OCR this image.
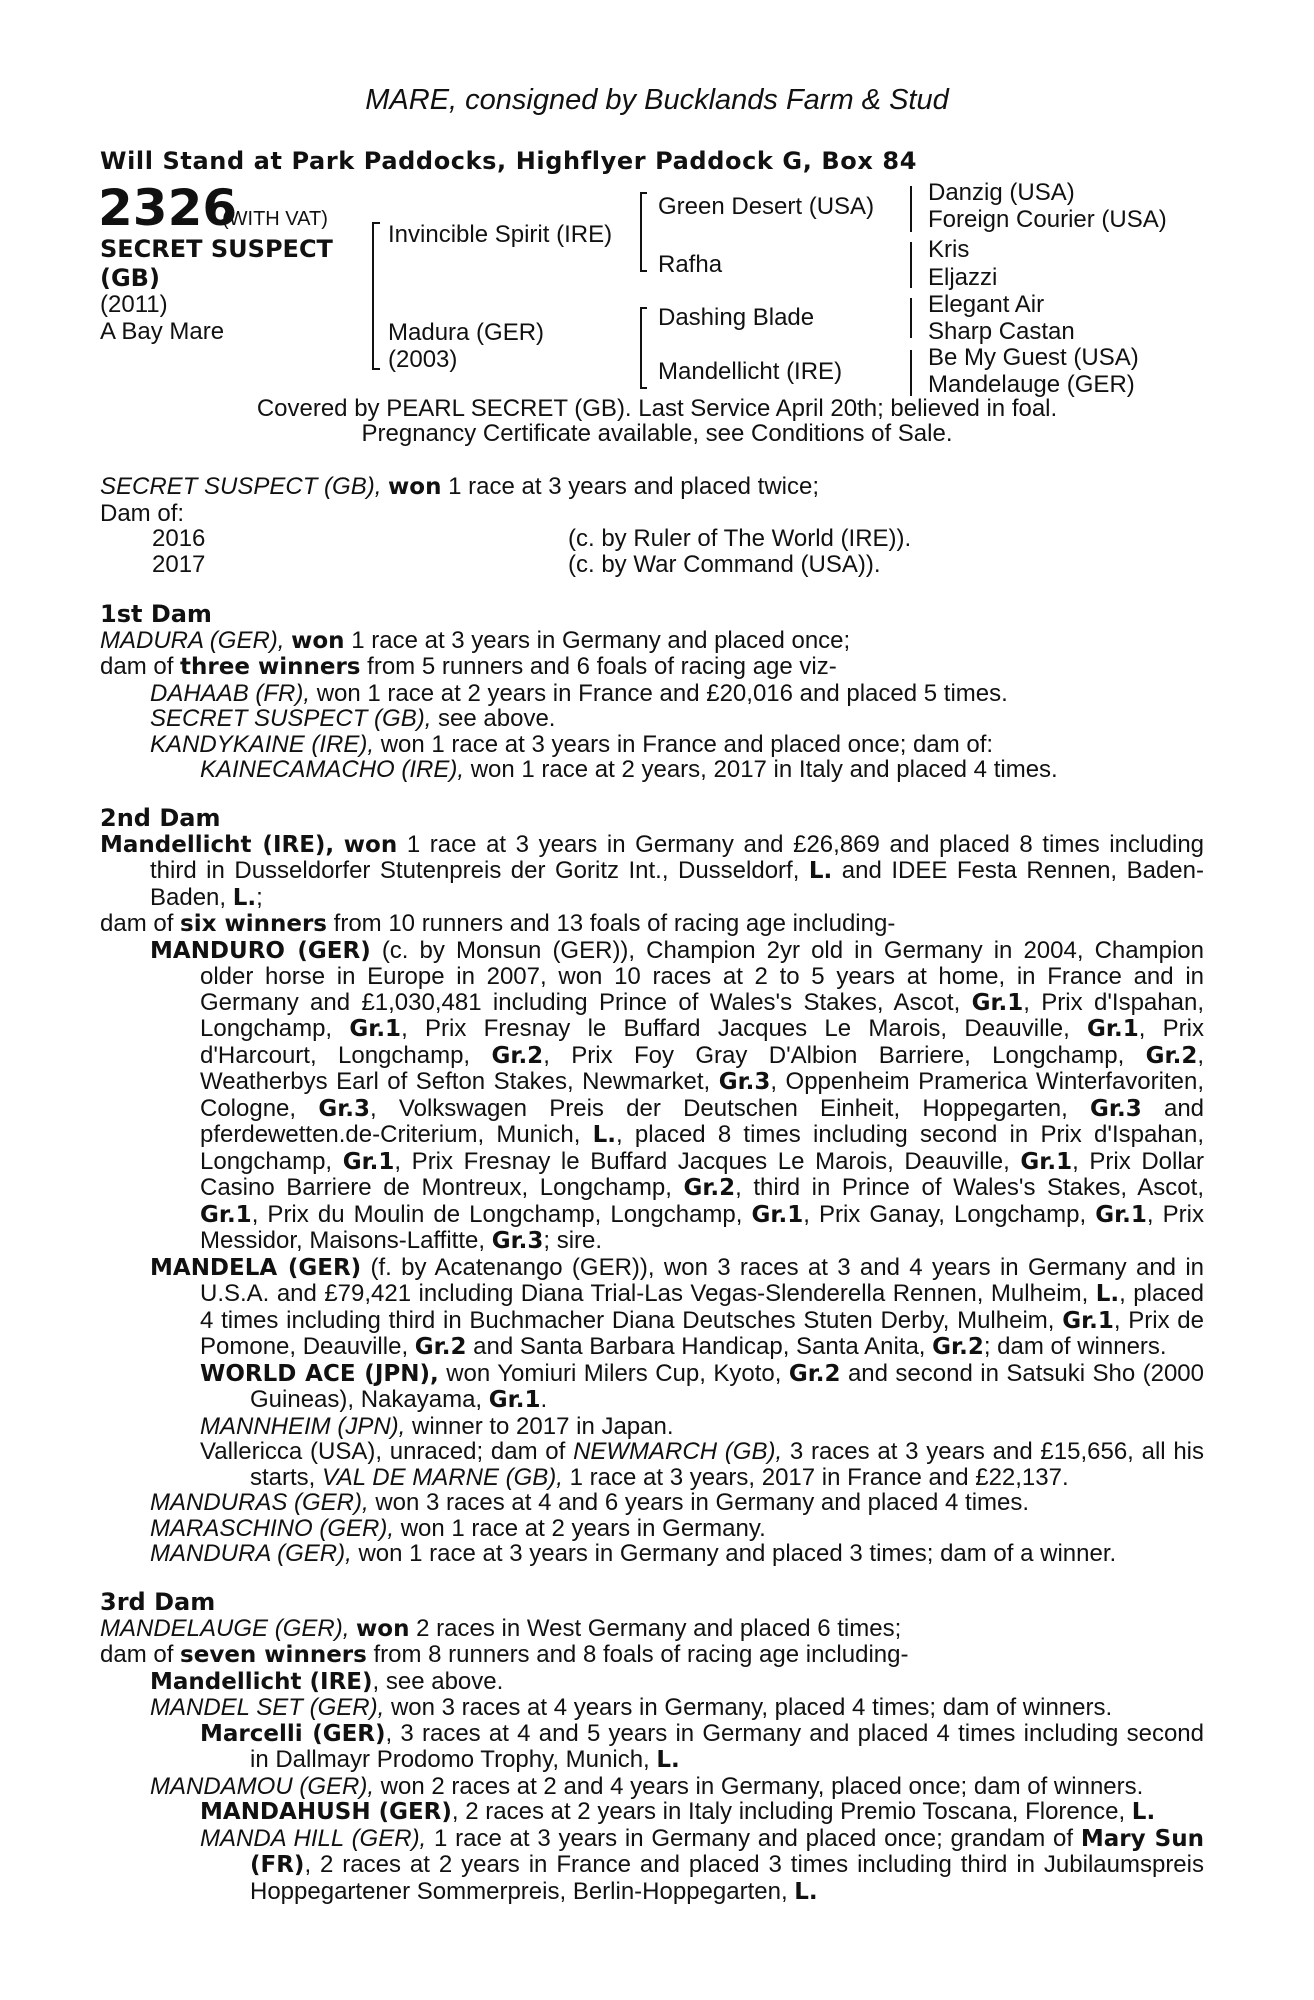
MARE, consigned by Bucklands Farm & Stud
Will Stand at Park Paddocks, Highflyer Paddock G, Box 84
2326
(WITH VAT)
SECRET SUSPECT
(GB)
(2011)
A Bay Mare
Invincible Spirit (IRE)
Madura (GER)
(2003)
Green Desert (USA)
Rafha
Dashing Blade
Mandellicht (IRE)
Danzig (USA)
Foreign Courier (USA)
Kris
Eljazzi
Elegant Air
Sharp Castan
Be My Guest (USA)
Mandelauge (GER)
Covered by PEARL SECRET (GB). Last Service April 20th; believed in foal.
Pregnancy Certificate available, see Conditions of Sale.

SECRET SUSPECT (GB), won 1 race at 3 years and placed twice;

Dam of:

2016	(c. by Ruler of The World (IRE)).
2017	(c. by War Command (USA)).

1st Dam

MADURA (GER), won 1 race at 3 years in Germany and placed once;

dam of three winners from 5 runners and 6 foals of racing age viz-

DAHAAB (FR), won 1 race at 2 years in France and £20,016 and placed 5 times.

SECRET SUSPECT (GB), see above.

KANDYKAINE (IRE), won 1 race at 3 years in France and placed once; dam of:

KAINECAMACHO (IRE), won 1 race at 2 years, 2017 in Italy and placed 4 times.

2nd Dam

Mandellicht (IRE), won 1 race at 3 years in Germany and £26,869 and placed 8 times including third in Dusseldorfer Stutenpreis der Goritz Int., Dusseldorf, L. and IDEE Festa Rennen, Baden-Baden, L.;

dam of six winners from 10 runners and 13 foals of racing age including-

MANDURO (GER) (c. by Monsun (GER)), Champion 2yr old in Germany in 2004, Champion older horse in Europe in 2007, won 10 races at 2 to 5 years at home, in France and in Germany and £1,030,481 including Prince of Wales's Stakes, Ascot, Gr.1, Prix d'Ispahan, Longchamp, Gr.1, Prix Fresnay le Buffard Jacques Le Marois, Deauville, Gr.1, Prix d'Harcourt, Longchamp, Gr.2, Prix Foy Gray D'Albion Barriere, Longchamp, Gr.2, Weatherbys Earl of Sefton Stakes, Newmarket, Gr.3, Oppenheim Pramerica Winterfavoriten, Cologne, Gr.3, Volkswagen Preis der Deutschen Einheit, Hoppegarten, Gr.3 and pferdewetten.de-Criterium, Munich, L., placed 8 times including second in Prix d'Ispahan, Longchamp, Gr.1, Prix Fresnay le Buffard Jacques Le Marois, Deauville, Gr.1, Prix Dollar Casino Barriere de Montreux, Longchamp, Gr.2, third in Prince of Wales's Stakes, Ascot, Gr.1, Prix du Moulin de Longchamp, Longchamp, Gr.1, Prix Ganay, Longchamp, Gr.1, Prix Messidor, Maisons-Laffitte, Gr.3; sire.

MANDELA (GER) (f. by Acatenango (GER)), won 3 races at 3 and 4 years in Germany and in U.S.A. and £79,421 including Diana Trial-Las Vegas-Slenderella Rennen, Mulheim, L., placed 4 times including third in Buchmacher Diana Deutsches Stuten Derby, Mulheim, Gr.1, Prix de Pomone, Deauville, Gr.2 and Santa Barbara Handicap, Santa Anita, Gr.2; dam of winners.

WORLD ACE (JPN), won Yomiuri Milers Cup, Kyoto, Gr.2 and second in Satsuki Sho (2000 Guineas), Nakayama, Gr.1.

MANNHEIM (JPN), winner to 2017 in Japan.

Vallericca (USA), unraced; dam of NEWMARCH (GB), 3 races at 3 years and £15,656, all his starts, VAL DE MARNE (GB), 1 race at 3 years, 2017 in France and £22,137.

MANDURAS (GER), won 3 races at 4 and 6 years in Germany and placed 4 times.

MARASCHINO (GER), won 1 race at 2 years in Germany.

MANDURA (GER), won 1 race at 3 years in Germany and placed 3 times; dam of a winner.

3rd Dam

MANDELAUGE (GER), won 2 races in West Germany and placed 6 times;

dam of seven winners from 8 runners and 8 foals of racing age including-

Mandellicht (IRE), see above.

MANDEL SET (GER), won 3 races at 4 years in Germany, placed 4 times; dam of winners.

Marcelli (GER), 3 races at 4 and 5 years in Germany and placed 4 times including second in Dallmayr Prodomo Trophy, Munich, L.

MANDAMOU (GER), won 2 races at 2 and 4 years in Germany, placed once; dam of winners.

MANDAHUSH (GER), 2 races at 2 years in Italy including Premio Toscana, Florence, L.

MANDA HILL (GER), 1 race at 3 years in Germany and placed once; grandam of Mary Sun (FR), 2 races at 2 years in France and placed 3 times including third in Jubilaumspreis Hoppegartener Sommerpreis, Berlin-Hoppegarten, L.
